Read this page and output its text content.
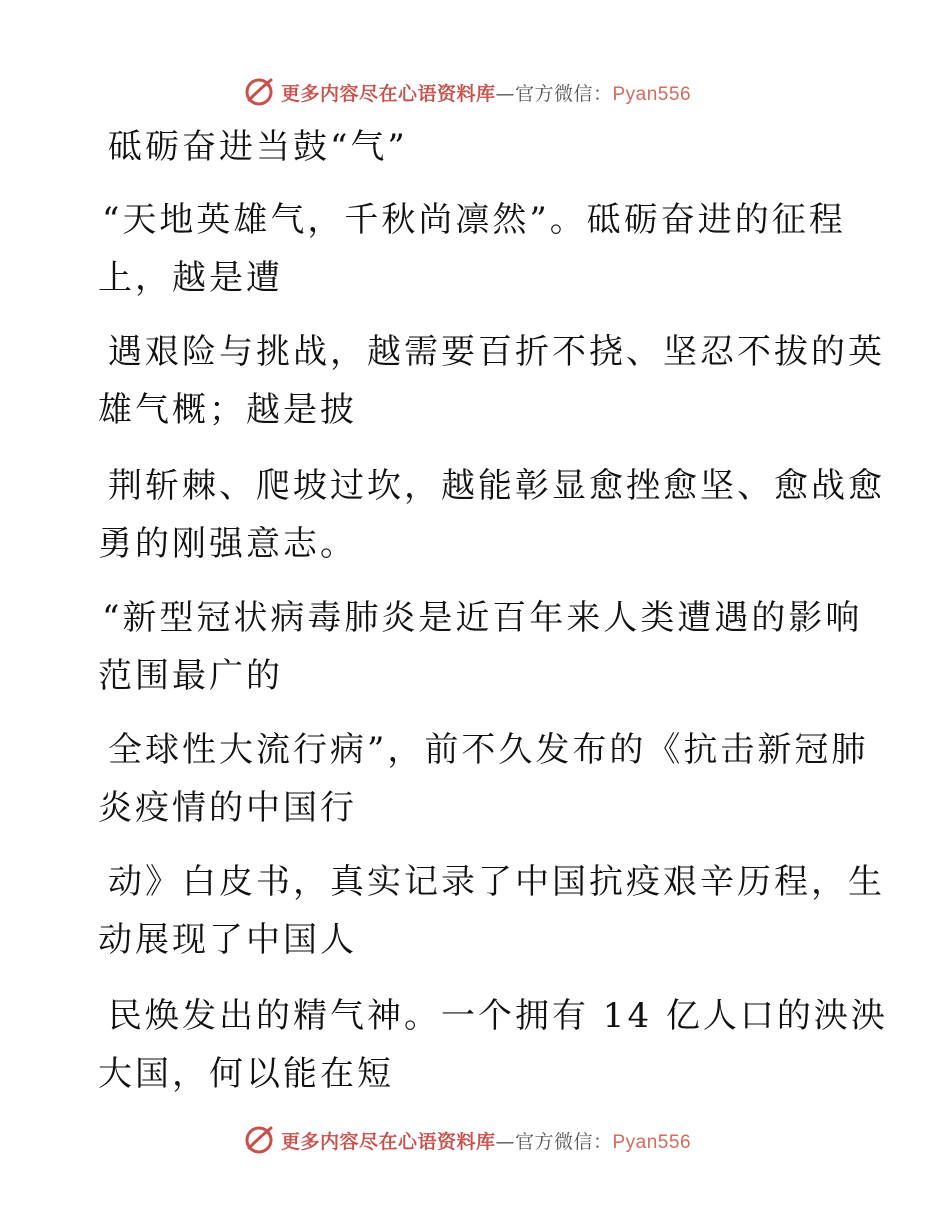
更多内容尽在心语资料库—官方微信：Pyan556
砥砺奋进当鼓“气”
“天地英雄气，千秋尚凛然”。砥砺奋进的征程
上，越是遭
遇艰险与挑战，越需要百折不挠、坚忍不拔的英
雄气概；越是披
荆斩棘、爬坡过坎，越能彰显愈挫愈坚、愈战愈
勇的刚强意志。
“新型冠状病毒肺炎是近百年来人类遭遇的影响
范围最广的
全球性大流行病”，前不久发布的《抗击新冠肺
炎疫情的中国行
动》白皮书，真实记录了中国抗疫艰辛历程，生
动展现了中国人
民焕发出的精气神。一个拥有 14 亿人口的泱泱
大国，何以能在短
更多内容尽在心语资料库—官方微信：Pyan556
